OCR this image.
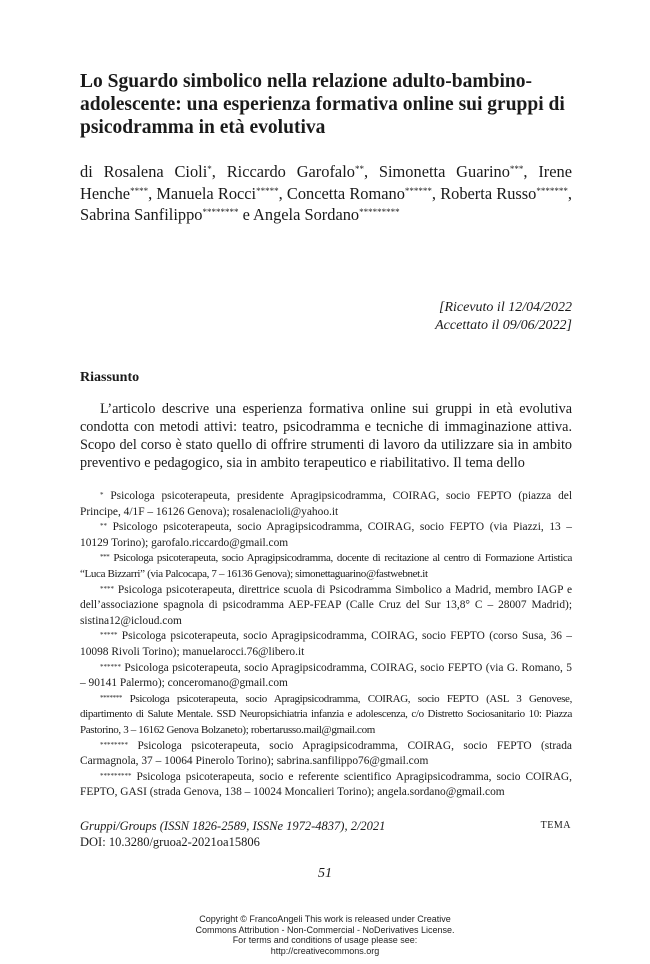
Lo Sguardo simbolico nella relazione adulto-bambino-adolescente: una esperienza formativa online sui gruppi di psicodramma in età evolutiva

di Rosalena Cioli*, Riccardo Garofalo**, Simonetta Guarino***, Irene Henche****, Manuela Rocci*****, Concetta Romano******, Roberta Russo*******, Sabrina Sanfilippo******** e Angela Sordano*********

[Ricevuto il 12/04/2022
Accettato il 09/06/2022]
Riassunto

L’articolo descrive una esperienza formativa online sui gruppi in età evolutiva condotta con metodi attivi: teatro, psicodramma e tecniche di immaginazione attiva. Scopo del corso è stato quello di offrire strumenti di lavoro da utilizzare sia in ambito preventivo e pedagogico, sia in ambito terapeutico e riabilitativo. Il tema dello

* Psicologa psicoterapeuta, presidente Apragipsicodramma, COIRAG, socio FEPTO (piazza del Principe, 4/1F – 16126 Genova); rosalenacioli@yahoo.it

** Psicologo psicoterapeuta, socio Apragipsicodramma, COIRAG, socio FEPTO (via Piazzi, 13 – 10129 Torino); garofalo.riccardo@gmail.com

*** Psicologa psicoterapeuta, socio Apragipsicodramma, docente di recitazione al centro di Formazione Artistica “Luca Bizzarri” (via Palcocapa, 7 – 16136 Genova); simonettaguarino@fastwebnet.it

**** Psicologa psicoterapeuta, direttrice scuola di Psicodramma Simbolico a Madrid, membro IAGP e dell’associazione spagnola di psicodramma AEP-FEAP (Calle Cruz del Sur 13,8° C – 28007 Madrid); sistina12@icloud.com

***** Psicologa psicoterapeuta, socio Apragipsicodramma, COIRAG, socio FEPTO (corso Susa, 36 – 10098 Rivoli Torino); manuelarocci.76@libero.it

****** Psicologa psicoterapeuta, socio Apragipsicodramma, COIRAG, socio FEPTO (via G. Romano, 5 – 90141 Palermo); conceromano@gmail.com

******* Psicologa psicoterapeuta, socio Apragipsicodramma, COIRAG, socio FEPTO (ASL 3 Genovese, dipartimento di Salute Mentale. SSD Neuropsichiatria infanzia e adolescenza, c/o Distretto Sociosanitario 10: Piazza Pastorino, 3 – 16162 Genova Bolzaneto); robertarusso.mail@gmail.com

******** Psicologa psicoterapeuta, socio Apragipsicodramma, COIRAG, socio FEPTO (strada Carmagnola, 37 – 10064 Pinerolo Torino); sabrina.sanfilippo76@gmail.com

********* Psicologa psicoterapeuta, socio e referente scientifico Apragipsicodramma, socio COIRAG, FEPTO, GASI (strada Genova, 138 – 10024 Moncalieri Torino); angela.sordano@gmail.com

Gruppi/Groups (ISSN 1826-2589, ISSNe 1972-4837), 2/2021
DOI: 10.3280/gruoa2-2021oa15806
TEMA
51
Copyright © FrancoAngeli This work is released under Creative
Commons Attribution - Non-Commercial - NoDerivatives License.
For terms and conditions of usage please see:
http://creativecommons.org
